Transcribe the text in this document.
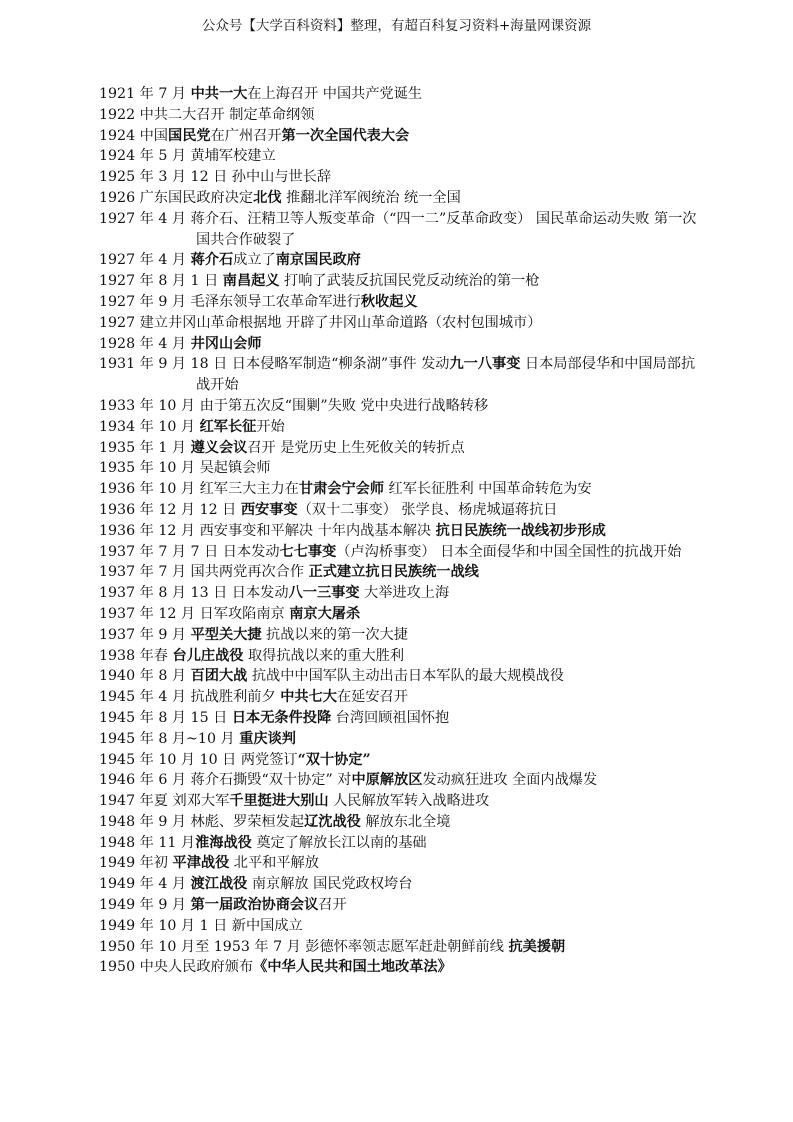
公众号【大学百科资料】整理，有超百科复习资料+海量网课资源
1921 年 7 月 中共一大在上海召开 中国共产党诞生
1922 中共二大召开 制定革命纲领
1924 中国国民党在广州召开第一次全国代表大会
1924 年 5 月 黄埔军校建立
1925 年 3 月 12 日 孙中山与世长辞
1926 广东国民政府决定北伐 推翻北洋军阀统治 统一全国
1927 年 4 月 蒋介石、汪精卫等人叛变革命（“四一二”反革命政变） 国民革命运动失败 第一次国共合作破裂了
1927 年 4 月 蒋介石成立了南京国民政府
1927 年 8 月 1 日 南昌起义 打响了武装反抗国民党反动统治的第一枪
1927 年 9 月 毛泽东领导工农革命军进行秋收起义
1927 建立井冈山革命根据地 开辟了井冈山革命道路（农村包围城市）
1928 年 4 月 井冈山会师
1931 年 9 月 18 日 日本侵略军制造“柳条湖”事件 发动九一八事变 日本局部侵华和中国局部抗战开始
1933 年 10 月 由于第五次反“围剿”失败 党中央进行战略转移
1934 年 10 月 红军长征开始
1935 年 1 月 遵义会议召开 是党历史上生死攸关的转折点
1935 年 10 月 吴起镇会师
1936 年 10 月 红军三大主力在甘肃会宁会师 红军长征胜利 中国革命转危为安
1936 年 12 月 12 日 西安事变（双十二事变） 张学良、杨虎城逼蒋抗日
1936 年 12 月 西安事变和平解决 十年内战基本解决 抗日民族统一战线初步形成
1937 年 7 月 7 日 日本发动七七事变（卢沟桥事变） 日本全面侵华和中国全国性的抗战开始
1937 年 7 月 国共两党再次合作 正式建立抗日民族统一战线
1937 年 8 月 13 日 日本发动八一三事变 大举进攻上海
1937 年 12 月 日军攻陷南京 南京大屠杀
1937 年 9 月 平型关大捷 抗战以来的第一次大捷
1938 年春 台儿庄战役 取得抗战以来的重大胜利
1940 年 8 月 百团大战 抗战中中国军队主动出击日本军队的最大规模战役
1945 年 4 月 抗战胜利前夕 中共七大在延安召开
1945 年 8 月 15 日 日本无条件投降 台湾回顾祖国怀抱
1945 年 8 月~10 月 重庆谈判
1945 年 10 月 10 日 两党签订“双十协定”
1946 年 6 月 蒋介石撕毁“双十协定” 对中原解放区发动疯狂进攻 全面内战爆发
1947 年夏 刘邓大军千里挺进大别山 人民解放军转入战略进攻
1948 年 9 月 林彪、罗荣桓发起辽沈战役 解放东北全境
1948 年 11 月淮海战役 奠定了解放长江以南的基础
1949 年初 平津战役 北平和平解放
1949 年 4 月 渡江战役 南京解放 国民党政权垮台
1949 年 9 月 第一届政治协商会议召开
1949 年 10 月 1 日 新中国成立
1950 年 10 月至 1953 年 7 月 彭德怀率领志愿军赶赴朝鲜前线 抗美援朝
1950 中央人民政府颁布《中华人民共和国土地改革法》
